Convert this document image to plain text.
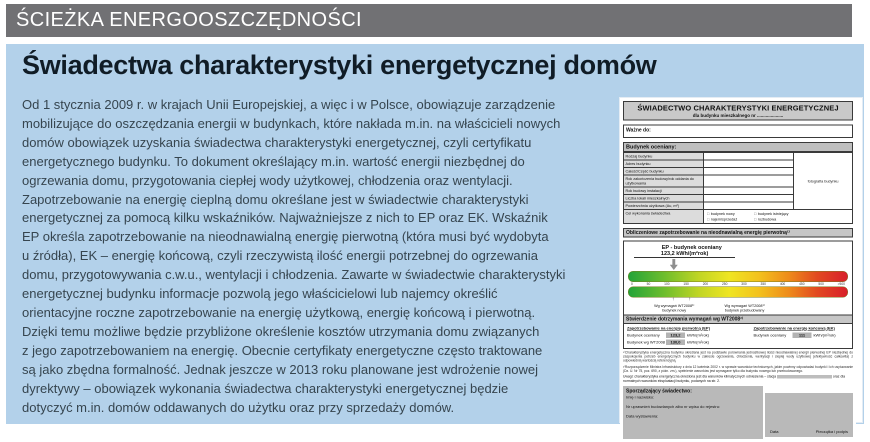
ŚCIEŻKA ENERGOOSZCZĘDNOŚCI
Świadectwa charakterystyki energetycznej domów
Od 1 stycznia 2009 r. w krajach Unii Europejskiej, a więc i w Polsce, obowiązuje zarządzenie
mobilizujące do oszczędzania energii w budynkach, które nakłada m.in. na właścicieli nowych
domów obowiązek uzyskania świadectwa charakterystyki energetycznej, czyli certyfikatu
energetycznego budynku. To dokument określający m.in. wartość energii niezbędnej do
ogrzewania domu, przygotowania ciepłej wody użytkowej, chłodzenia oraz wentylacji.
Zapotrzebowanie na energię cieplną domu określane jest w świadectwie charakterystyki
energetycznej za pomocą kilku wskaźników. Najważniejsze z nich to EP oraz EK. Wskaźnik
EP określa zapotrzebowanie na nieodnawialną energię pierwotną (która musi być wydobyta
u źródła), EK – energię końcową, czyli rzeczywistą ilość energii potrzebnej do ogrzewania
domu, przygotowywania c.w.u., wentylacji i chłodzenia. Zawarte w świadectwie charakterystyki
energetycznej budynku informacje pozwolą jego właścicielowi lub najemcy określić
orientacyjne roczne zapotrzebowanie na energię użytkową, energię końcową i pierwotną.
Dzięki temu możliwe będzie przybliżone określenie kosztów utrzymania domu związanych
z jego zapotrzebowaniem na energię. Obecnie certyfikaty energetyczne często traktowane
są jako zbędna formalność. Jednak jeszcze w 2013 roku planowane jest wdrożenie nowej
dyrektywy – obowiązek wykonania świadectwa charakterystyki energetycznej będzie
dotyczyć m.in. domów oddawanych do użytku oraz przy sprzedaży domów.
ŚWIADECTWO CHARAKTERYSTYKI ENERGETYCZNEJ
dla budynku mieszkalnego nr .....................
Ważne do:
Budynek oceniany:
Rodzaj budynku
fotografia budynku
Adres budynku
Całość/Część budynku
Rok zakończenia budowy/rok oddania do użytkowania
Rok budowy instalacji
Liczba lokali mieszkalnych
Powierzchnia użytkowa (Au, m²)
Cel wykonania świadectwa	□ budynek nowy	□ budynek istniejący
□ najem/sprzedaż □ rozbudowa
Obliczeniowe zapotrzebowanie na nieodnawialną energię pierwotną¹⁾
EP - budynek oceniany
123,2 kWh/(m²rok)
0 50 100 150 200 250 300 350 400 450 500 >500
↑ ↑
Wg wymagań WT2008¹⁾
budynek nowy
Wg wymagań WT2008¹⁾
budynek przebudowany
Stwierdzenie dotrzymania wymagań wg WT2008²⁾
Zapotrzebowanie na energię pierwotną (EP)
Budynek oceniany	123,2 kWh/(m²rok)
Budynek wg WT2008 130,0 kWh/(m²rok)
Zapotrzebowanie na energię końcową (EK)
Budynek oceniany	111	kWh/(m²rok)
¹⁾Charakterystyka energetyczna budynku określana jest na podstawie porównania jednostkowej ilości nieodnawialnej energii pierwotnej EP niezbędnej do zaspokojenia potrzeb energetycznych budynku w zakresie ogrzewania, chłodzenia, wentylacji i ciepłej wody użytkowej (efektywność całkowita) z odpowiednią wartością referencyjną.
²⁾Rozporządzenie Ministra Infrastruktury z dnia 12 kwietnia 2002 r. w sprawie warunków technicznych, jakim powinny odpowiadać budynki i ich usytuowanie (Dz. U. Nr 75, poz. 690, z późn. zm.), spełnienie warunków jest wymagane tylko dla budynku nowego lub przebudowanego.
Uwagi: charakterystyka energetyczna określona jest dla warunków klimatycznych odniesienia – stacja	oraz dla normalnych warunków eksploatacji budynku, podanych na str. 2.
Sporządzający świadectwo:
Imię i nazwisko:
Nr uprawnień budowlanych albo nr wpisu do rejestru:
Data wystawienia:
Data	Pieczątka i podpis
